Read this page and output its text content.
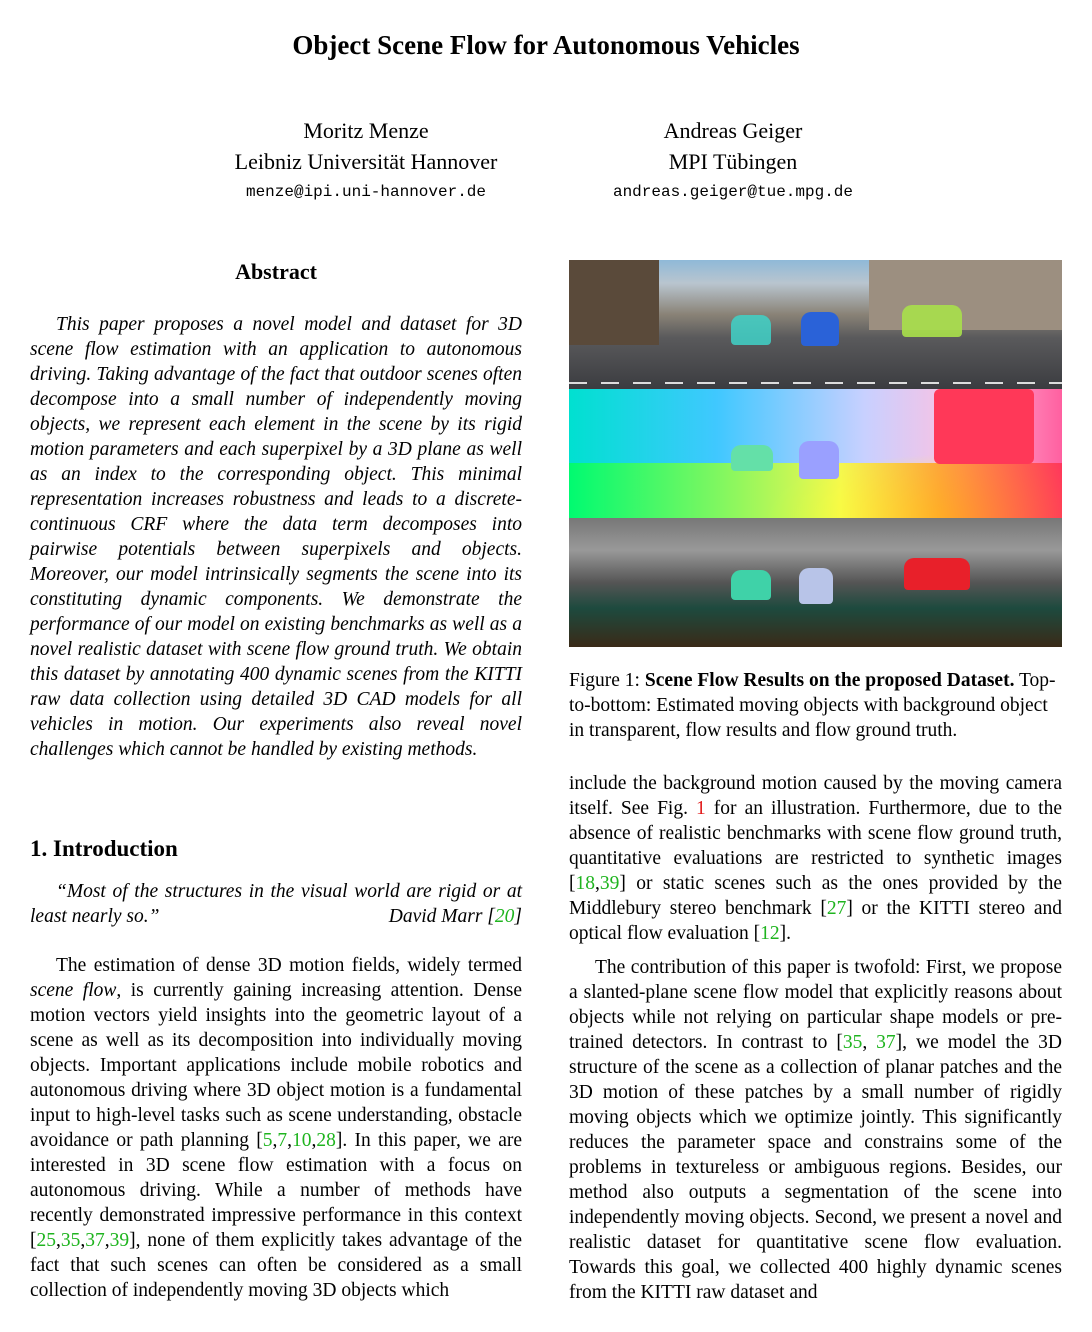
Object Scene Flow for Autonomous Vehicles
Moritz Menze
Leibniz Universität Hannover
menze@ipi.uni-hannover.de
Andreas Geiger
MPI Tübingen
andreas.geiger@tue.mpg.de
Abstract

This paper proposes a novel model and dataset for 3D scene flow estimation with an application to autonomous driving. Taking advantage of the fact that outdoor scenes often decompose into a small number of independently moving objects, we represent each element in the scene by its rigid motion parameters and each superpixel by a 3D plane as well as an index to the corresponding object. This minimal representation increases robustness and leads to a discrete-continuous CRF where the data term decomposes into pairwise potentials between superpixels and objects. Moreover, our model intrinsically segments the scene into its constituting dynamic components. We demonstrate the performance of our model on existing benchmarks as well as a novel realistic dataset with scene flow ground truth. We obtain this dataset by annotating 400 dynamic scenes from the KITTI raw data collection using detailed 3D CAD models for all vehicles in motion. Our experiments also reveal novel challenges which cannot be handled by existing methods.

1. Introduction

“Most of the structures in the visual world are rigid or at least nearly so.”	David Marr [20]

The estimation of dense 3D motion fields, widely termed scene flow, is currently gaining increasing attention. Dense motion vectors yield insights into the geometric layout of a scene as well as its decomposition into individually moving objects. Important applications include mobile robotics and autonomous driving where 3D object motion is a fundamental input to high-level tasks such as scene understanding, obstacle avoidance or path planning [5,7,10,28]. In this paper, we are interested in 3D scene flow estimation with a focus on autonomous driving. While a number of methods have recently demonstrated impressive performance in this context [25,35,37,39], none of them explicitly takes advantage of the fact that such scenes can often be considered as a small collection of independently moving 3D objects which

Figure 1: Scene Flow Results on the proposed Dataset. Top-to-bottom: Estimated moving objects with background object in transparent, flow results and flow ground truth.

include the background motion caused by the moving camera itself. See Fig. 1 for an illustration. Furthermore, due to the absence of realistic benchmarks with scene flow ground truth, quantitative evaluations are restricted to synthetic images [18,39] or static scenes such as the ones provided by the Middlebury stereo benchmark [27] or the KITTI stereo and optical flow evaluation [12].

The contribution of this paper is twofold: First, we propose a slanted-plane scene flow model that explicitly reasons about objects while not relying on particular shape models or pre-trained detectors. In contrast to [35, 37], we model the 3D structure of the scene as a collection of planar patches and the 3D motion of these patches by a small number of rigidly moving objects which we optimize jointly. This significantly reduces the parameter space and constrains some of the problems in textureless or ambiguous regions. Besides, our method also outputs a segmentation of the scene into independently moving objects. Second, we present a novel and realistic dataset for quantitative scene flow evaluation. Towards this goal, we collected 400 highly dynamic scenes from the KITTI raw dataset and
